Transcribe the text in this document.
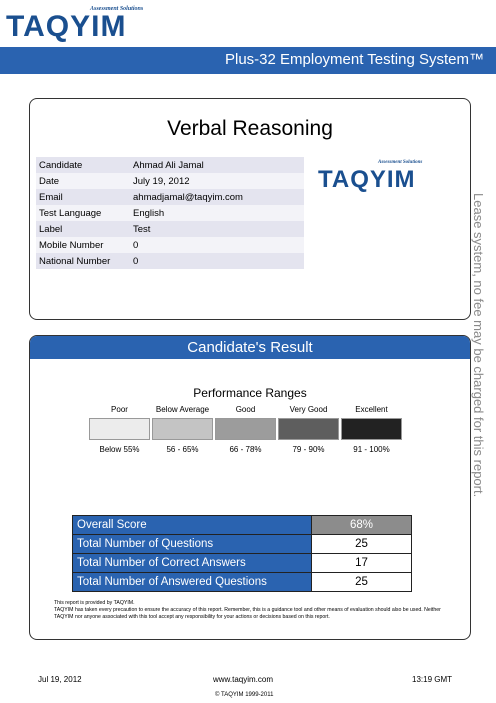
Assessment Solutions
TAQYIM
Plus-32 Employment Testing System™
Verbal Reasoning
Candidate	Ahmad Ali Jamal
Date	July 19, 2012
Email	ahmadjamal@taqyim.com
Test Language	English
Label	Test
Mobile Number	0
National Number	0
Assessment Solutions
TAQYIM
Candidate's Result
Performance Ranges
Poor
Below 55%
Below Average
56 - 65%
Good
66 - 78%
Very Good
79 - 90%
Excellent
91 - 100%
Overall Score	68%
Total Number of Questions	25
Total Number of Correct Answers	17
Total Number of Answered Questions	25
This report is provided by TAQYIM.
TAQYIM has taken every precaution to ensure the accuracy of this report. Remember, this is a guidance tool and other means of evaluation should also be used. Neither TAQYIM nor anyone associated with this tool accept any responsibility for your actions or decisions based on this report.
Lease system, no fee may be charged for this report.
Jul 19, 2012	www.taqyim.com	13:19 GMT
© TAQYIM 1999-2011
